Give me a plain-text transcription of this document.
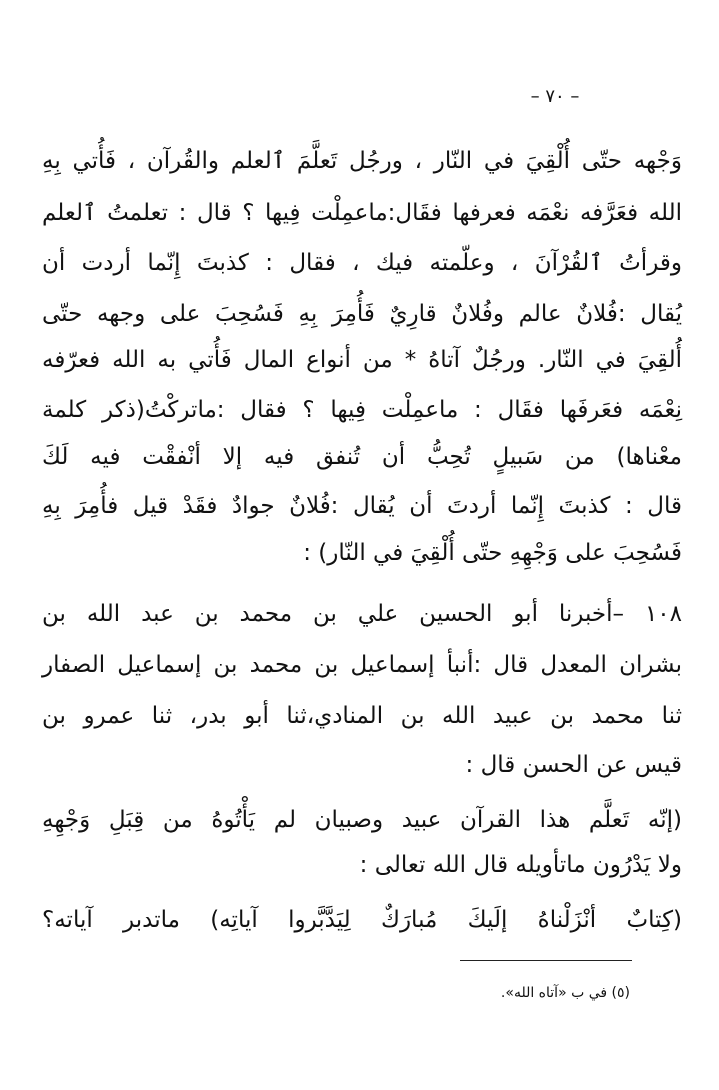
– ٧٠ –
وَجْهه حتّى أُلْقِيَ في النّار ، ورجُل تَعلَّمَ ٱلعلم والقُرآن ، فَأُتي بِهِ
الله فعَرَّفه نعْمَه فعرفها فقَال:ماعمِلْت فِيها ؟ قال : تعلمتُ ٱلعلم
وقرأتُ ٱلقُرْآنَ ، وعلّمته فيك ، فقال : كذبتَ إِنّما أردت أن
يُقال :فُلانٌ عالم وفُلانٌ قارِيٌ فَأُمِرَ بِهِ فَسُحِبَ على وجهه حتّى
أُلقِيَ في النّار. ورجُلٌ آتاهُ * من أنواع المال فَأُتي به الله فعرّفه
نِعْمَه فعَرفَها فقَال : ماعمِلْت فِيها ؟ فقال :ماتركْتُ(ذكر كلمة
معْناها) من سَبيلٍ تُحِبُّ أن تُنفق فيه إلا أنْفقْت فيه لَكَ
قال : كذبتَ إِنّما أردتَ أن يُقال :فُلانٌ جوادٌ فقَدْ قيل فأُمِرَ بِهِ
فَسُحِبَ على وَجْهِهِ حتّى أُلْقِيَ في النّار) :
١٠٨ –أخبرنا أبو الحسين علي بن محمد بن عبد الله بن
بشران المعدل قال :أنبأ إسماعيل بن محمد بن إسماعيل الصفار
ثنا محمد بن عبيد الله بن المنادي،ثنا أبو بدر، ثنا عمرو بن
قيس عن الحسن قال :
(إنّه تَعلَّم هذا القرآن عبيد وصبيان لم يَأْتُوهُ من قِبَلِ وَجْهِهِ
ولا يَدْرُون ماتأويله قال الله تعالى :
(كِتابٌ أنْزَلْناهُ إلَيكَ مُبارَكٌ لِيَدَّبَّروا آياتِه) ماتدبر آياته؟
(٥) في ب «آتاه الله».
